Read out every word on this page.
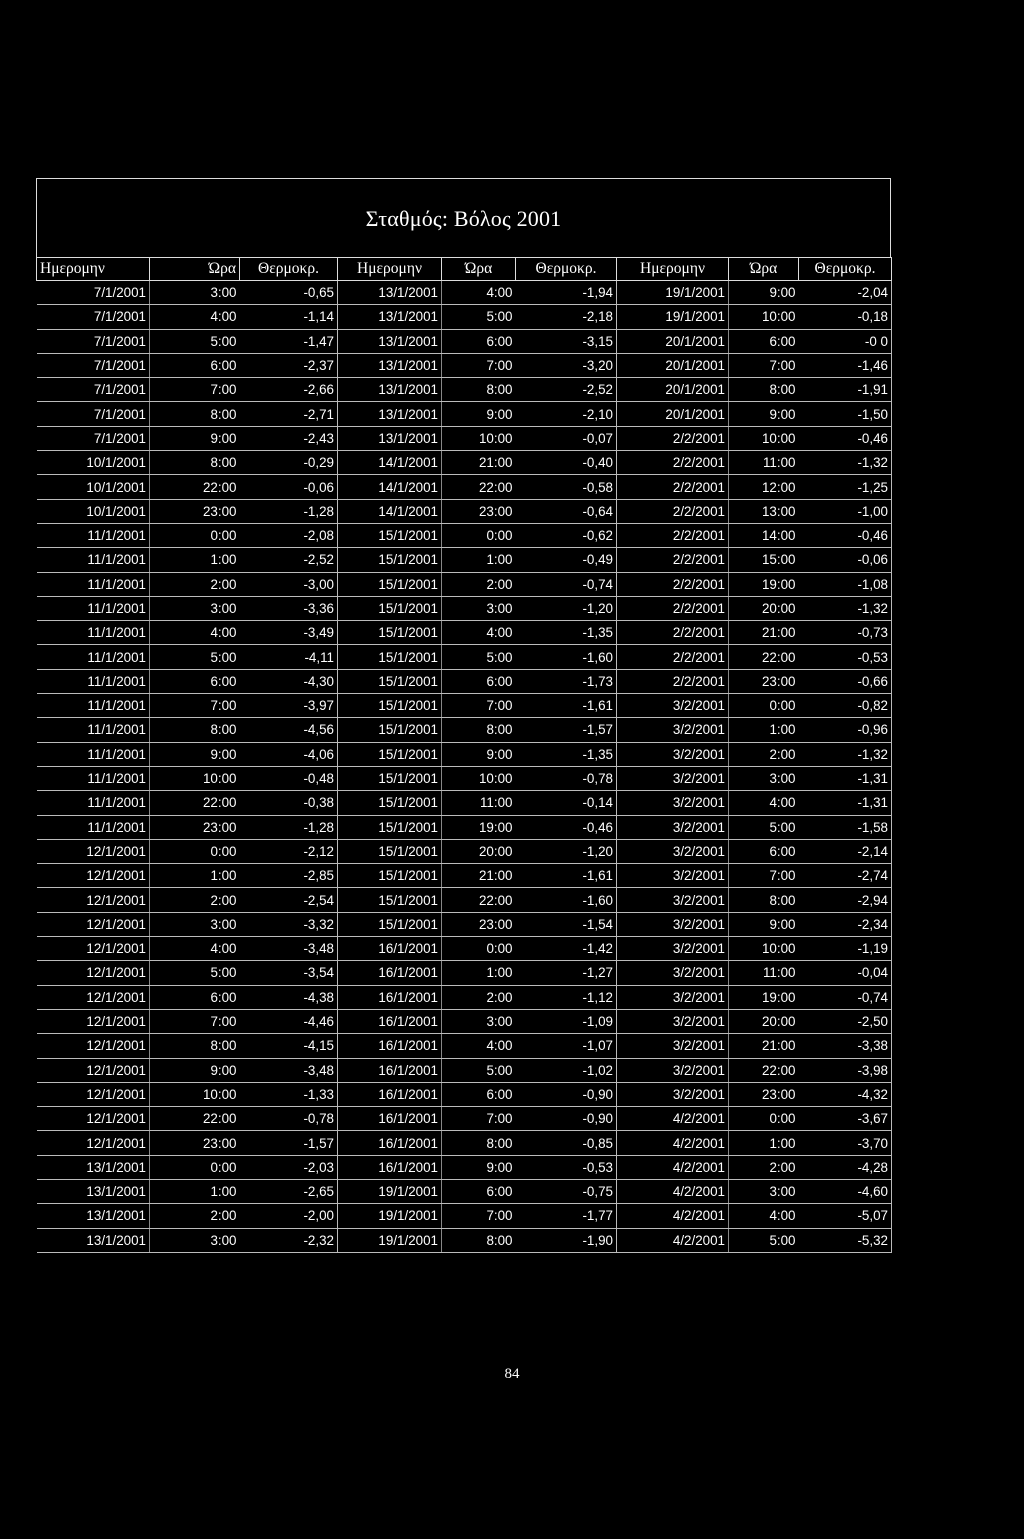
Σταθμός: Βόλος 2001
Ημερομην	Ώρα	Θερμοκρ.	Ημερομην	Ώρα	Θερμοκρ.	Ημερομην	Ώρα	Θερμοκρ.
7/1/2001	3:00	-0,65	13/1/2001	4:00	-1,94	19/1/2001	9:00	-2,04
7/1/2001	4:00	-1,14	13/1/2001	5:00	-2,18	19/1/2001	10:00	-0,18
7/1/2001	5:00	-1,47	13/1/2001	6:00	-3,15	20/1/2001	6:00	-0 0
7/1/2001	6:00	-2,37	13/1/2001	7:00	-3,20	20/1/2001	7:00	-1,46
7/1/2001	7:00	-2,66	13/1/2001	8:00	-2,52	20/1/2001	8:00	-1,91
7/1/2001	8:00	-2,71	13/1/2001	9:00	-2,10	20/1/2001	9:00	-1,50
7/1/2001	9:00	-2,43	13/1/2001	10:00	-0,07	2/2/2001	10:00	-0,46
10/1/2001	8:00	-0,29	14/1/2001	21:00	-0,40	2/2/2001	11:00	-1,32
10/1/2001	22:00	-0,06	14/1/2001	22:00	-0,58	2/2/2001	12:00	-1,25
10/1/2001	23:00	-1,28	14/1/2001	23:00	-0,64	2/2/2001	13:00	-1,00
11/1/2001	0:00	-2,08	15/1/2001	0:00	-0,62	2/2/2001	14:00	-0,46
11/1/2001	1:00	-2,52	15/1/2001	1:00	-0,49	2/2/2001	15:00	-0,06
11/1/2001	2:00	-3,00	15/1/2001	2:00	-0,74	2/2/2001	19:00	-1,08
11/1/2001	3:00	-3,36	15/1/2001	3:00	-1,20	2/2/2001	20:00	-1,32
11/1/2001	4:00	-3,49	15/1/2001	4:00	-1,35	2/2/2001	21:00	-0,73
11/1/2001	5:00	-4,11	15/1/2001	5:00	-1,60	2/2/2001	22:00	-0,53
11/1/2001	6:00	-4,30	15/1/2001	6:00	-1,73	2/2/2001	23:00	-0,66
11/1/2001	7:00	-3,97	15/1/2001	7:00	-1,61	3/2/2001	0:00	-0,82
11/1/2001	8:00	-4,56	15/1/2001	8:00	-1,57	3/2/2001	1:00	-0,96
11/1/2001	9:00	-4,06	15/1/2001	9:00	-1,35	3/2/2001	2:00	-1,32
11/1/2001	10:00	-0,48	15/1/2001	10:00	-0,78	3/2/2001	3:00	-1,31
11/1/2001	22:00	-0,38	15/1/2001	11:00	-0,14	3/2/2001	4:00	-1,31
11/1/2001	23:00	-1,28	15/1/2001	19:00	-0,46	3/2/2001	5:00	-1,58
12/1/2001	0:00	-2,12	15/1/2001	20:00	-1,20	3/2/2001	6:00	-2,14
12/1/2001	1:00	-2,85	15/1/2001	21:00	-1,61	3/2/2001	7:00	-2,74
12/1/2001	2:00	-2,54	15/1/2001	22:00	-1,60	3/2/2001	8:00	-2,94
12/1/2001	3:00	-3,32	15/1/2001	23:00	-1,54	3/2/2001	9:00	-2,34
12/1/2001	4:00	-3,48	16/1/2001	0:00	-1,42	3/2/2001	10:00	-1,19
12/1/2001	5:00	-3,54	16/1/2001	1:00	-1,27	3/2/2001	11:00	-0,04
12/1/2001	6:00	-4,38	16/1/2001	2:00	-1,12	3/2/2001	19:00	-0,74
12/1/2001	7:00	-4,46	16/1/2001	3:00	-1,09	3/2/2001	20:00	-2,50
12/1/2001	8:00	-4,15	16/1/2001	4:00	-1,07	3/2/2001	21:00	-3,38
12/1/2001	9:00	-3,48	16/1/2001	5:00	-1,02	3/2/2001	22:00	-3,98
12/1/2001	10:00	-1,33	16/1/2001	6:00	-0,90	3/2/2001	23:00	-4,32
12/1/2001	22:00	-0,78	16/1/2001	7:00	-0,90	4/2/2001	0:00	-3,67
12/1/2001	23:00	-1,57	16/1/2001	8:00	-0,85	4/2/2001	1:00	-3,70
13/1/2001	0:00	-2,03	16/1/2001	9:00	-0,53	4/2/2001	2:00	-4,28
13/1/2001	1:00	-2,65	19/1/2001	6:00	-0,75	4/2/2001	3:00	-4,60
13/1/2001	2:00	-2,00	19/1/2001	7:00	-1,77	4/2/2001	4:00	-5,07
13/1/2001	3:00	-2,32	19/1/2001	8:00	-1,90	4/2/2001	5:00	-5,32
84
